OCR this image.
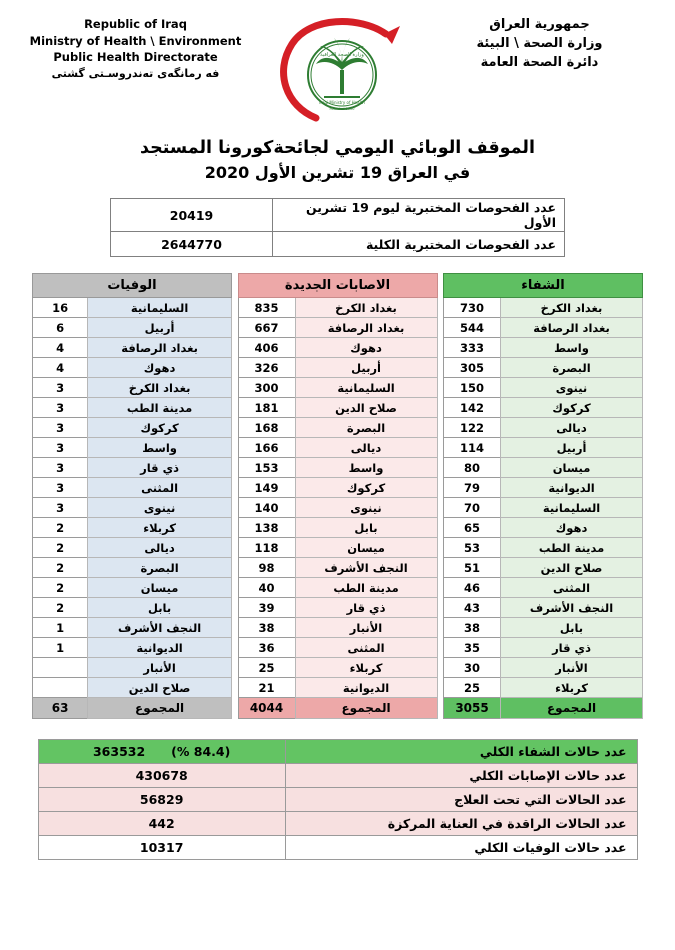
Republic of Iraq
Ministry of Health \ Environment
Public Health Directorate
فه رمانگه‌ى ته‌ندروسـتى گشتى
وزارة الصحة العراقية
Iraqi Ministry of Health
Founded 1920
جمهورية العراق
وزارة الصحة \ البيئة
دائرة الصحة العامة
الموقف الوبائي اليومي لجائحةكورونا المستجد
في العراق 19 تشرين الأول 2020
عدد الفحوصات المختبرية ليوم 19 تشرين الأول	20419
عدد الفحوصات المختبرية الكلية	2644770
الشفاء	
بغداد الكرخ	730
بغداد الرصافة	544
واسط	333
البصرة	305
نينوى	150
كركوك	142
ديالى	122
أربيل	114
ميسان	80
الديوانية	79
السليمانية	70
دهوك	65
مدينة الطب	53
صلاح الدين	51
المثنى	46
النجف الأشرف	43
بابل	38
ذي قار	35
الأنبار	30
كربلاء	25
المجموع	3055
الاصابات الجديدة	
بغداد الكرخ	835
بغداد الرصافة	667
دهوك	406
أربيل	326
السليمانية	300
صلاح الدين	181
البصرة	168
ديالى	166
واسط	153
كركوك	149
نينوى	140
بابل	138
ميسان	118
النجف الأشرف	98
مدينة الطب	40
ذي قار	39
الأنبار	38
المثنى	36
كربلاء	25
الديوانية	21
المجموع	4044
الوفيات	
السليمانية	16
أربيل	6
بغداد الرصافة	4
دهوك	4
بغداد الكرخ	3
مدينة الطب	3
كركوك	3
واسط	3
ذي قار	3
المثنى	3
نينوى	3
كربلاء	2
ديالى	2
البصرة	2
ميسان	2
بابل	2
النجف الأشرف	1
الديوانية	1
الأنبار	
صلاح الدين	
المجموع	63
عدد حالات الشفاء الكلي	(84.4 %)363532
عدد حالات الإصابات الكلي	430678
عدد الحالات التي تحت العلاج	56829
عدد الحالات الراقدة في العناية المركزة	442
عدد حالات الوفيات الكلي	10317
